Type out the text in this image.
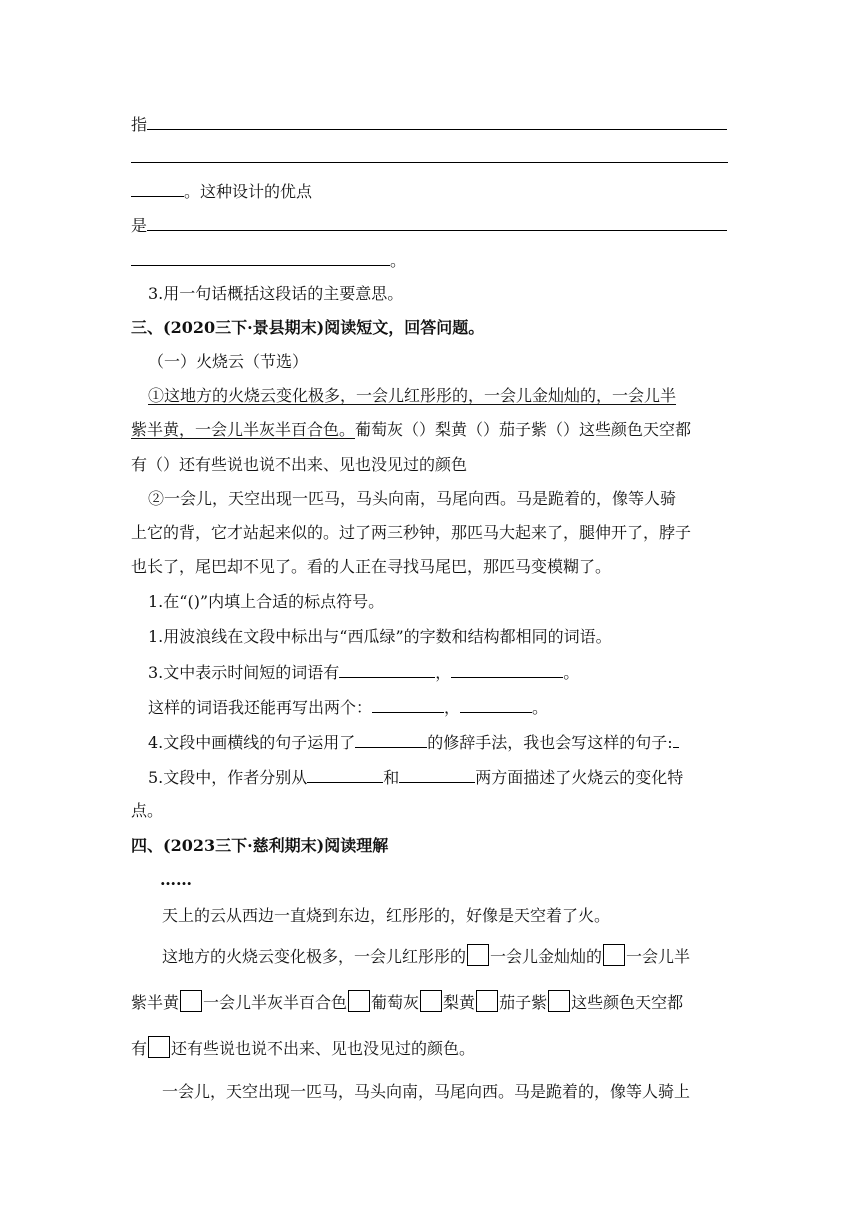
指
。这种设计的优点
是
。
3.用一句话概括这段话的主要意思。
三、(2020三下·景县期末)阅读短文，回答问题。
（一）火烧云（节选）
①这地方的火烧云变化极多，一会儿红彤彤的，一会儿金灿灿的，一会儿半
紫半黄，一会儿半灰半百合色。葡萄灰（）梨黄（）茄子紫（）这些颜色天空都
有（）还有些说也说不出来、见也没见过的颜色
②一会儿，天空出现一匹马，马头向南，马尾向西。马是跪着的，像等人骑
上它的背，它才站起来似的。过了两三秒钟，那匹马大起来了，腿伸开了，脖子
也长了，尾巴却不见了。看的人正在寻找马尾巴，那匹马变模糊了。
1.在“()”内填上合适的标点符号。
1.用波浪线在文段中标出与“西瓜绿”的字数和结构都相同的词语。
3.文中表示时间短的词语有	，	。
这样的词语我还能再写出两个：	，	。
4.文段中画横线的句子运用了	的修辞手法，我也会写这样的句子:
5.文段中，作者分别从	和	两方面描述了火烧云的变化特
点。
四、(2023三下·慈利期末)阅读理解
……
天上的云从西边一直烧到东边，红彤彤的，好像是天空着了火。
这地方的火烧云变化极多，一会儿红彤彤的 一会儿金灿灿的 一会儿半
紫半黄 一会儿半灰半百合色 葡萄灰 梨黄 茄子紫 这些颜色天空都
有 还有些说也说不出来、见也没见过的颜色。
一会儿，天空出现一匹马，马头向南，马尾向西。马是跪着的，像等人骑上
